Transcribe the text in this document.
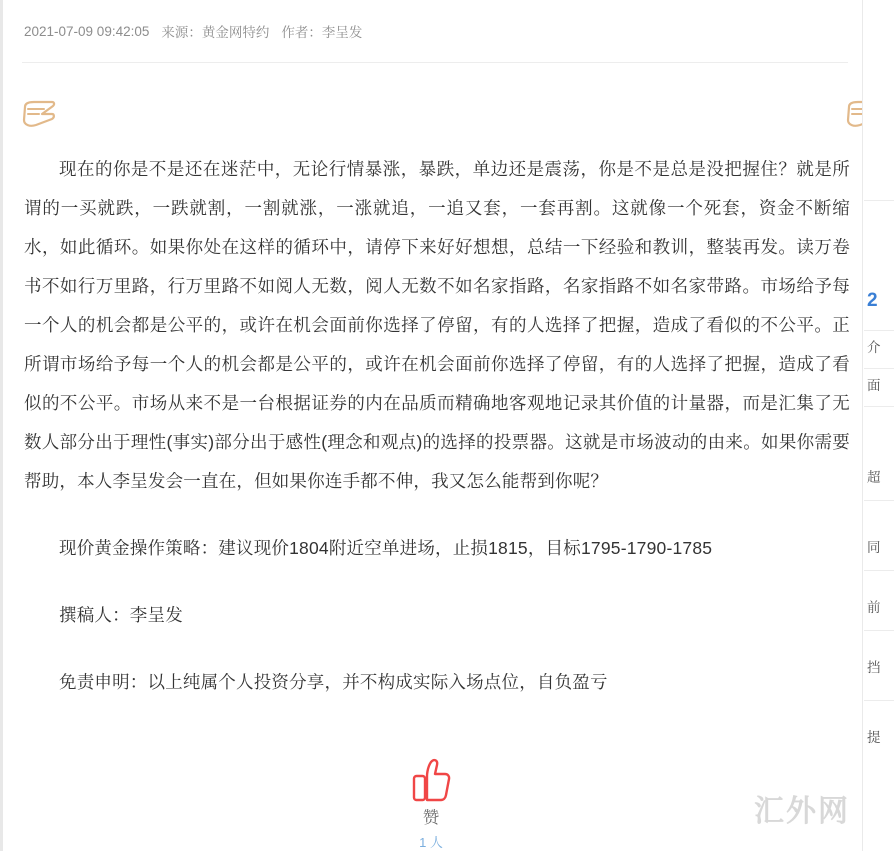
2021-07-09 09:42:05 来源： 黄金网特约 作者： 李呈发

现在的你是不是还在迷茫中，无论行情暴涨，暴跌，单边还是震荡，你是不是总是没把握住？就是所谓的一买就跌，一跌就割，一割就涨，一涨就追，一追又套，一套再割。这就像一个死套，资金不断缩水，如此循环。如果你处在这样的循环中，请停下来好好想想，总结一下经验和教训，整装再发。读万卷书不如行万里路，行万里路不如阅人无数，阅人无数不如名家指路，名家指路不如名家带路。市场给予每一个人的机会都是公平的，或许在机会面前你选择了停留，有的人选择了把握，造成了看似的不公平。正所谓市场给予每一个人的机会都是公平的，或许在机会面前你选择了停留，有的人选择了把握，造成了看似的不公平。市场从来不是一台根据证券的内在品质而精确地客观地记录其价值的计量器，而是汇集了无数人部分出于理性(事实)部分出于感性(理念和观点)的选择的投票器。这就是市场波动的由来。如果你需要帮助，本人李呈发会一直在，但如果你连手都不伸，我又怎么能帮到你呢？

现价黄金操作策略：建议现价1804附近空单进场，止损1815，目标1795-1790-1785

撰稿人：李呈发

免责申明：以上纯属个人投资分享，并不构成实际入场点位，自负盈亏

赞
1 人
汇外网
2
介
面
超
同
前
挡
提
